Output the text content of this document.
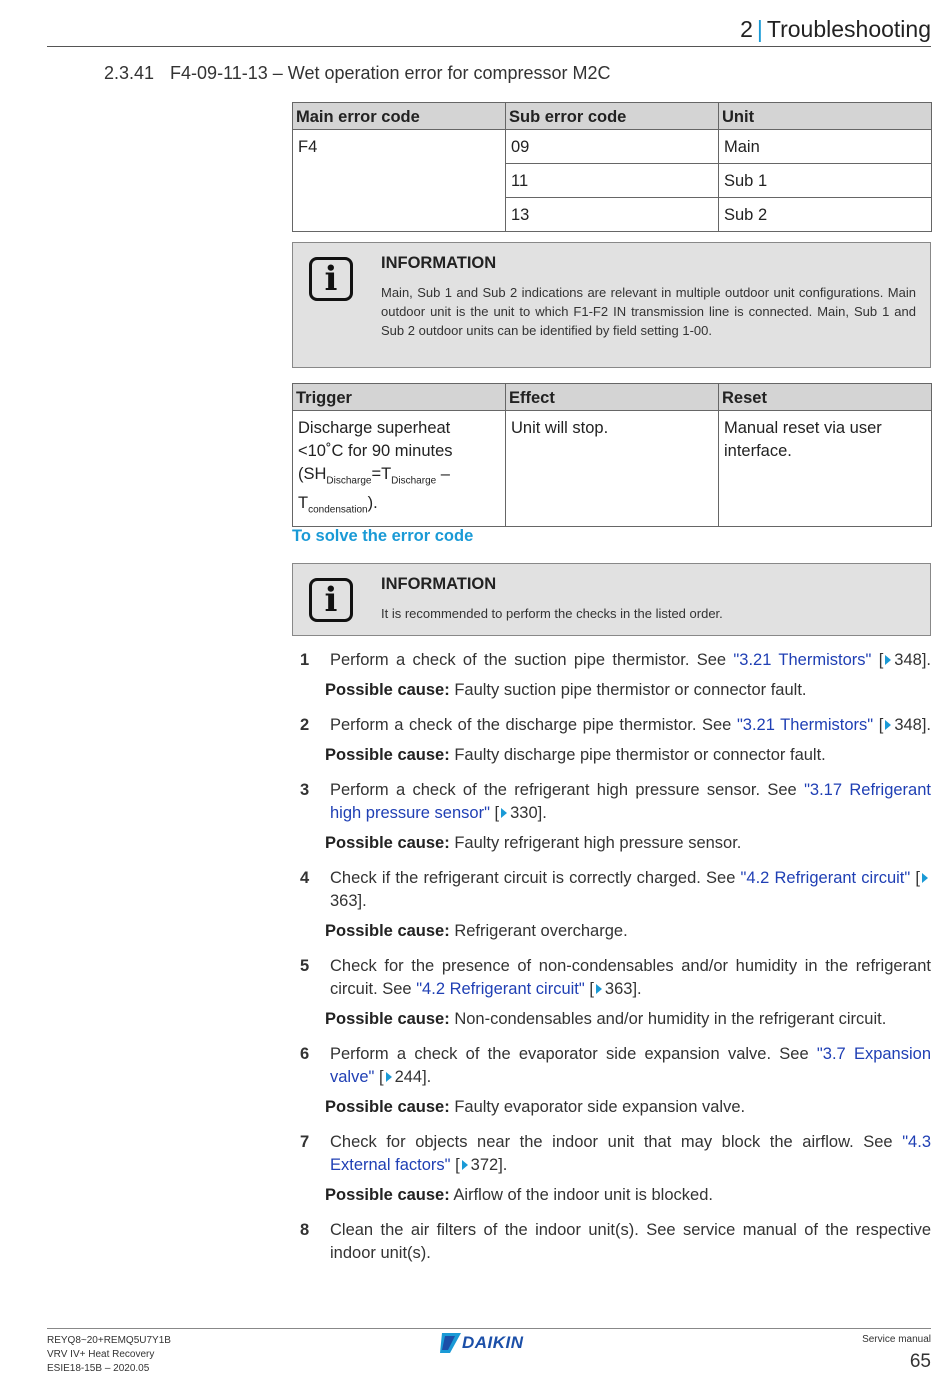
2 | Troubleshooting
2.3.41 F4-09-11-13 – Wet operation error for compressor M2C
Main error code	Sub error code	Unit
F4	09	Main
	11	Sub 1
	13	Sub 2
i	INFORMATION
Main, Sub 1 and Sub 2 indications are relevant in multiple outdoor unit configurations. Main outdoor unit is the unit to which F1-F2 IN transmission line is connected. Main, Sub 1 and Sub 2 outdoor units can be identified by field setting 1-00.
Trigger	Effect	Reset
Discharge superheat
<10˚C for 90 minutes
($SH_{Discharge}=T_{Discharge}$ –
$T_{condensation}$).	Unit will stop.	Manual reset via user interface.
To solve the error code
i	INFORMATION
It is recommended to perform the checks in the listed order.
1	Perform a check of the suction pipe thermistor. See "3.21 Thermistors" [ 348].
Possible cause: Faulty suction pipe thermistor or connector fault.
2	Perform a check of the discharge pipe thermistor. See "3.21 Thermistors" [ 348].
Possible cause: Faulty discharge pipe thermistor or connector fault.
3	Perform a check of the refrigerant high pressure sensor. See "3.17 Refrigerant high pressure sensor" [ 330].
Possible cause: Faulty refrigerant high pressure sensor.
4	Check if the refrigerant circuit is correctly charged. See "4.2 Refrigerant circuit" [363].
Possible cause: Refrigerant overcharge.
5	Check for the presence of non-condensables and/or humidity in the refrigerant circuit. See "4.2 Refrigerant circuit" [ 363].
Possible cause: Non-condensables and/or humidity in the refrigerant circuit.
6	Perform a check of the evaporator side expansion valve. See "3.7 Expansion valve" [ 244].
Possible cause: Faulty evaporator side expansion valve.
7	Check for objects near the indoor unit that may block the airflow. See "4.3 External factors" [ 372].
Possible cause: Airflow of the indoor unit is blocked.
8	Clean the air filters of the indoor unit(s). See service manual of the respective indoor unit(s).
REYQ8~20+REMQ5U7Y1B
VRV IV+ Heat Recovery
ESIE18-15B – 2020.05
DAIKIN	Service manual
65
